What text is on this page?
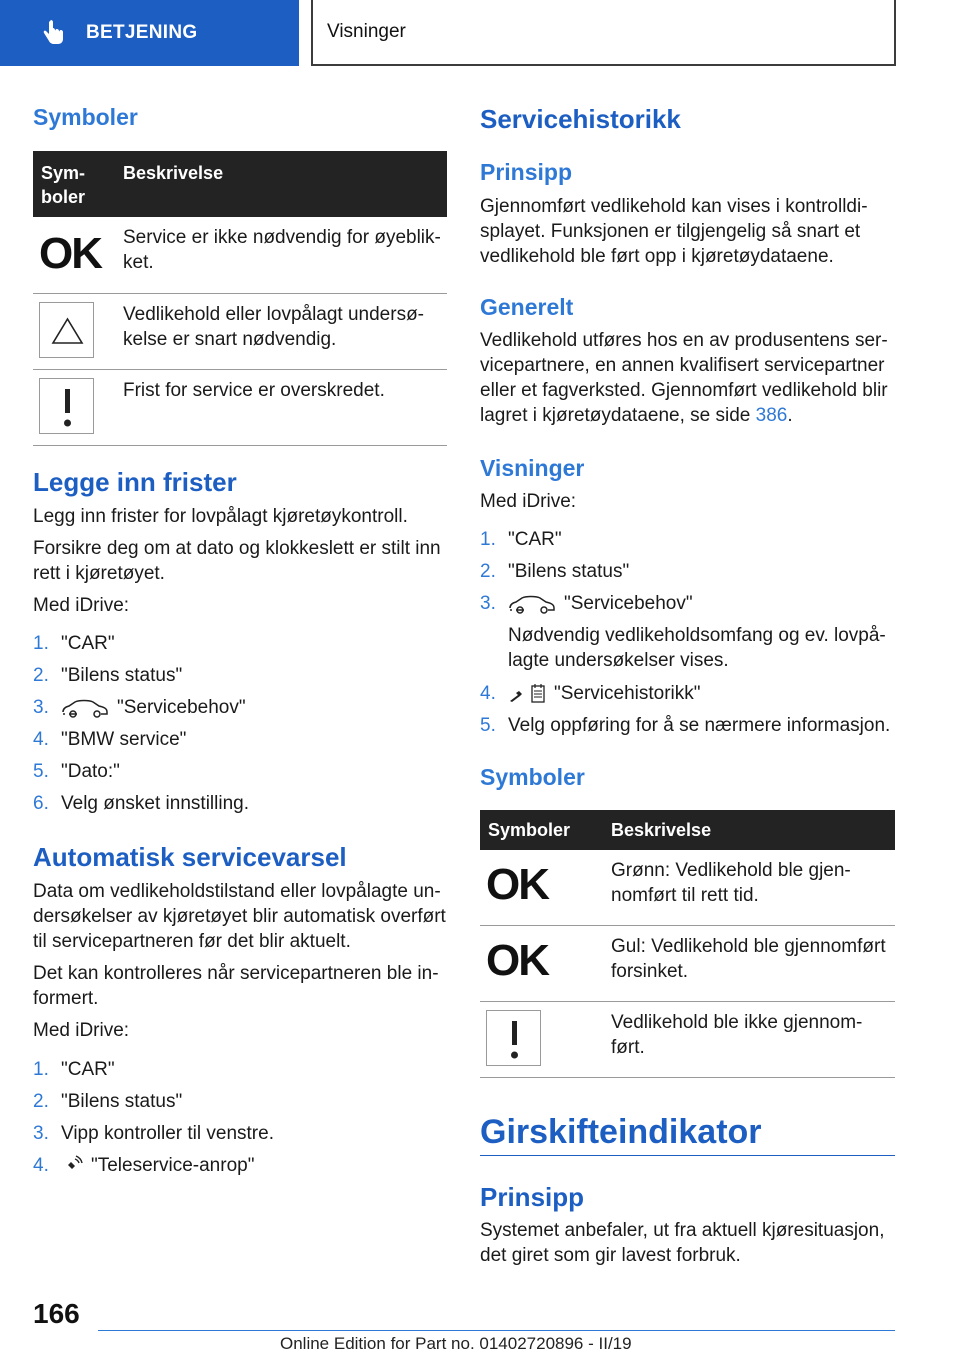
BETJENING	Visninger
Symboler
Sym-
boler	Beskrivelse

OK	Service er ikke nødvendig for øyeblik-
ket.

	Vedlikehold eller lovpålagt undersø-
kelse er snart nødvendig.

	Frist for service er overskredet.
Legge inn frister
Legg inn frister for lovpålagt kjøretøykontroll.
Forsikre deg om at dato og klokkeslett er stilt inn
rett i kjøretøyet.
Med iDrive:
1. "CAR"
2. "Bilens status"
3.	"Servicebehov"
4. "BMW service"
5. "Dato:"
6. Velg ønsket innstilling.
Automatisk servicevarsel
Data om vedlikeholdstilstand eller lovpålagte un-
dersøkelser av kjøretøyet blir automatisk overført
til servicepartneren før det blir aktuelt.
Det kan kontrolleres når servicepartneren ble in-
formert.
Med iDrive:
1. "CAR"
2. "Bilens status"
3. Vipp kontroller til venstre.
4.	"Teleservice-anrop"
Servicehistorikk
Prinsipp
Gjennomført vedlikehold kan vises i kontrolldi-
splayet. Funksjonen er tilgjengelig så snart et
vedlikehold ble ført opp i kjøretøydataene.
Generelt
Vedlikehold utføres hos en av produsentens ser-
vicepartnere, en annen kvalifisert servicepartner
eller et fagverksted. Gjennomført vedlikehold blir
lagret i kjøretøydataene, se side 386.
Visninger
Med iDrive:
1. "CAR"
2. "Bilens status"
3.	"Servicebehov"
Nødvendig vedlikeholdsomfang og ev. lovpå-
lagte undersøkelser vises.
4.	"Servicehistorikk"
5. Velg oppføring for å se nærmere informasjon.
Symboler
Symboler	Beskrivelse

OK	Grønn: Vedlikehold ble gjen-
nomført til rett tid.

OK	Gul: Vedlikehold ble gjennomført
forsinket.

	Vedlikehold ble ikke gjennom-
ført.
Girskifteindikator
Prinsipp
Systemet anbefaler, ut fra aktuell kjøresituasjon,
det giret som gir lavest forbruk.
166
Online Edition for Part no. 01402720896 - II/19
